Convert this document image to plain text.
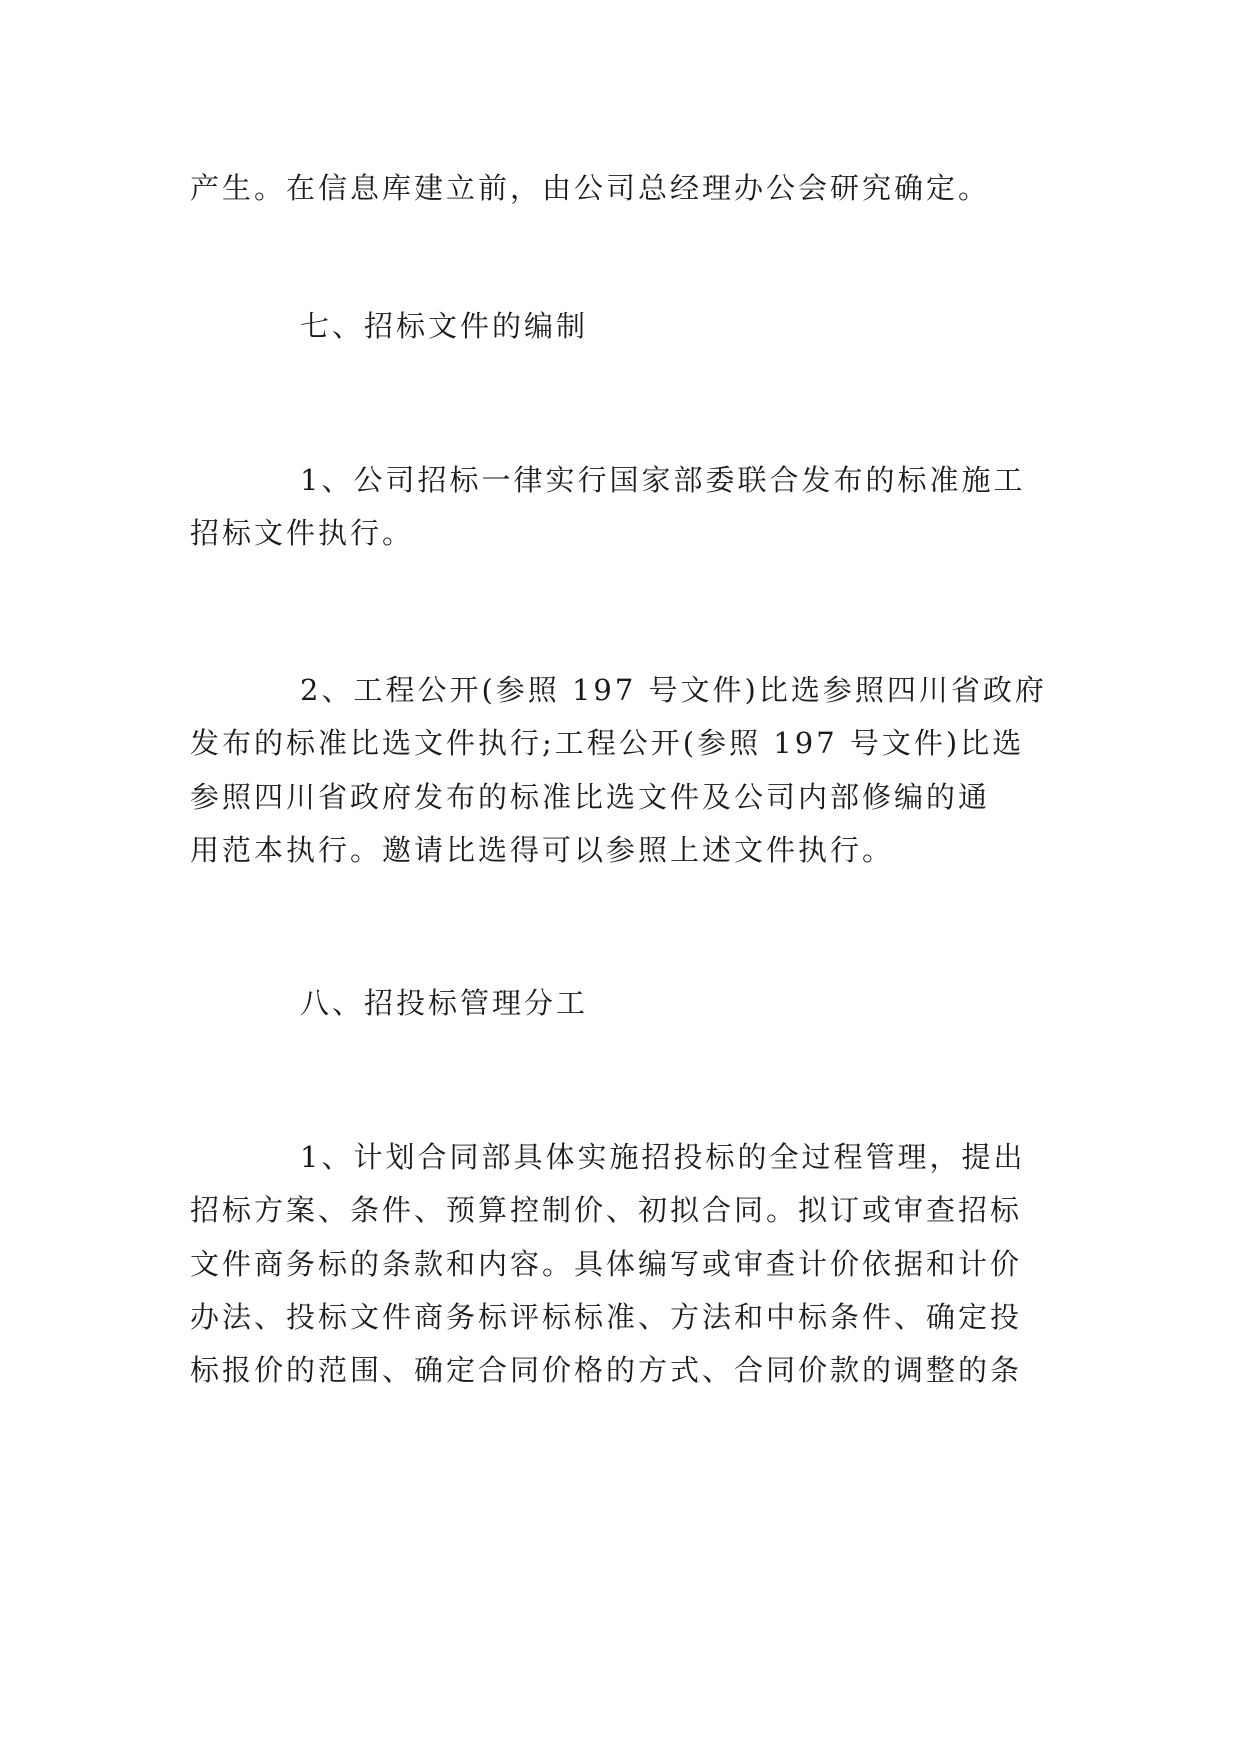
产生。在信息库建立前，由公司总经理办公会研究确定。
七、招标文件的编制
1、公司招标一律实行国家部委联合发布的标准施工
招标文件执行。
2、工程公开(参照 197 号文件)比选参照四川省政府
发布的标准比选文件执行;工程公开(参照 197 号文件)比选
参照四川省政府发布的标准比选文件及公司内部修编的通
用范本执行。邀请比选得可以参照上述文件执行。
八、招投标管理分工
1、计划合同部具体实施招投标的全过程管理，提出
招标方案、条件、预算控制价、初拟合同。拟订或审查招标
文件商务标的条款和内容。具体编写或审查计价依据和计价
办法、投标文件商务标评标标准、方法和中标条件、确定投
标报价的范围、确定合同价格的方式、合同价款的调整的条
